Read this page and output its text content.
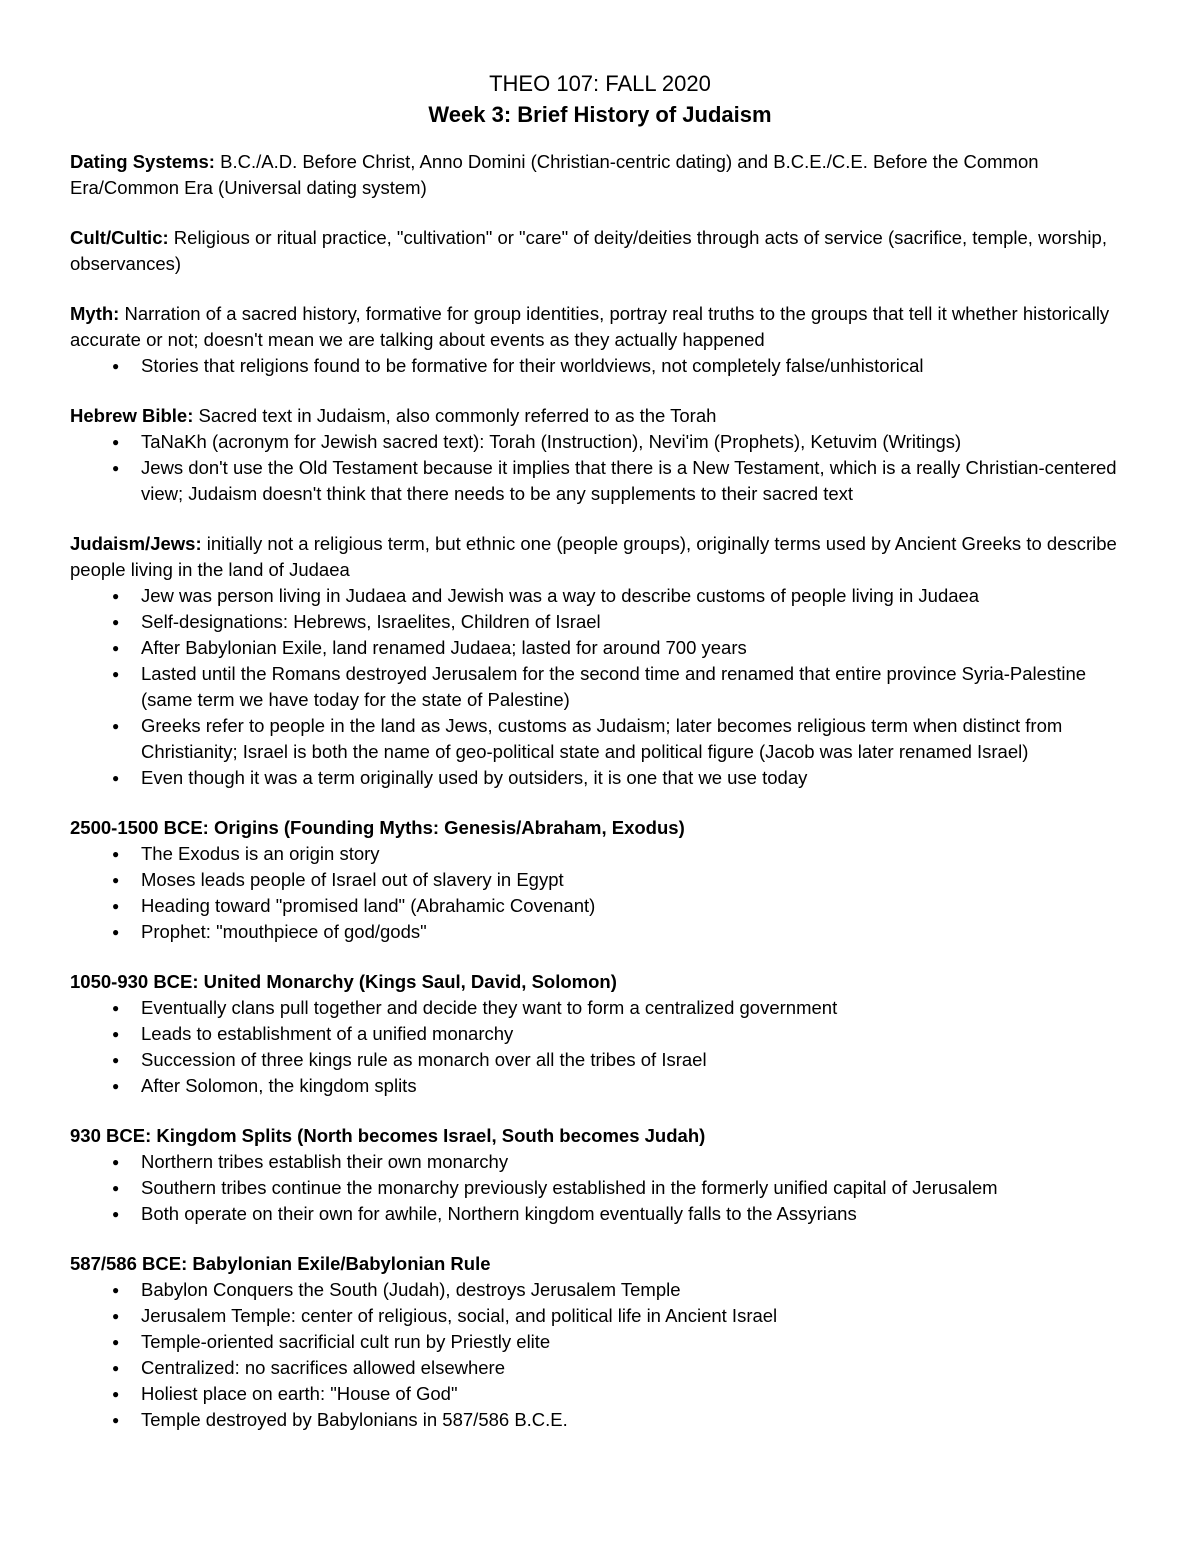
THEO 107: FALL 2020
Week 3: Brief History of Judaism
Dating Systems: B.C./A.D. Before Christ, Anno Domini (Christian-centric dating) and B.C.E./C.E. Before the Common Era/Common Era (Universal dating system)
Cult/Cultic: Religious or ritual practice, "cultivation" or "care" of deity/deities through acts of service (sacrifice, temple, worship, observances)
Myth: Narration of a sacred history, formative for group identities, portray real truths to the groups that tell it whether historically accurate or not; doesn't mean we are talking about events as they actually happened
● Stories that religions found to be formative for their worldviews, not completely false/unhistorical
Hebrew Bible: Sacred text in Judaism, also commonly referred to as the Torah
● TaNaKh (acronym for Jewish sacred text): Torah (Instruction), Nevi'im (Prophets), Ketuvim (Writings)
● Jews don't use the Old Testament because it implies that there is a New Testament, which is a really Christian-centered view; Judaism doesn't think that there needs to be any supplements to their sacred text
Judaism/Jews: initially not a religious term, but ethnic one (people groups), originally terms used by Ancient Greeks to describe people living in the land of Judaea
● Jew was person living in Judaea and Jewish was a way to describe customs of people living in Judaea
● Self-designations: Hebrews, Israelites, Children of Israel
● After Babylonian Exile, land renamed Judaea; lasted for around 700 years
● Lasted until the Romans destroyed Jerusalem for the second time and renamed that entire province Syria-Palestine (same term we have today for the state of Palestine)
● Greeks refer to people in the land as Jews, customs as Judaism; later becomes religious term when distinct from Christianity; Israel is both the name of geo-political state and political figure (Jacob was later renamed Israel)
● Even though it was a term originally used by outsiders, it is one that we use today
2500-1500 BCE: Origins (Founding Myths: Genesis/Abraham, Exodus)
● The Exodus is an origin story
● Moses leads people of Israel out of slavery in Egypt
● Heading toward "promised land" (Abrahamic Covenant)
● Prophet: "mouthpiece of god/gods"
1050-930 BCE: United Monarchy (Kings Saul, David, Solomon)
● Eventually clans pull together and decide they want to form a centralized government
● Leads to establishment of a unified monarchy
● Succession of three kings rule as monarch over all the tribes of Israel
● After Solomon, the kingdom splits
930 BCE: Kingdom Splits (North becomes Israel, South becomes Judah)
● Northern tribes establish their own monarchy
● Southern tribes continue the monarchy previously established in the formerly unified capital of Jerusalem
● Both operate on their own for awhile, Northern kingdom eventually falls to the Assyrians
587/586 BCE: Babylonian Exile/Babylonian Rule
● Babylon Conquers the South (Judah), destroys Jerusalem Temple
● Jerusalem Temple: center of religious, social, and political life in Ancient Israel
● Temple-oriented sacrificial cult run by Priestly elite
● Centralized: no sacrifices allowed elsewhere
● Holiest place on earth: "House of God"
● Temple destroyed by Babylonians in 587/586 B.C.E.
